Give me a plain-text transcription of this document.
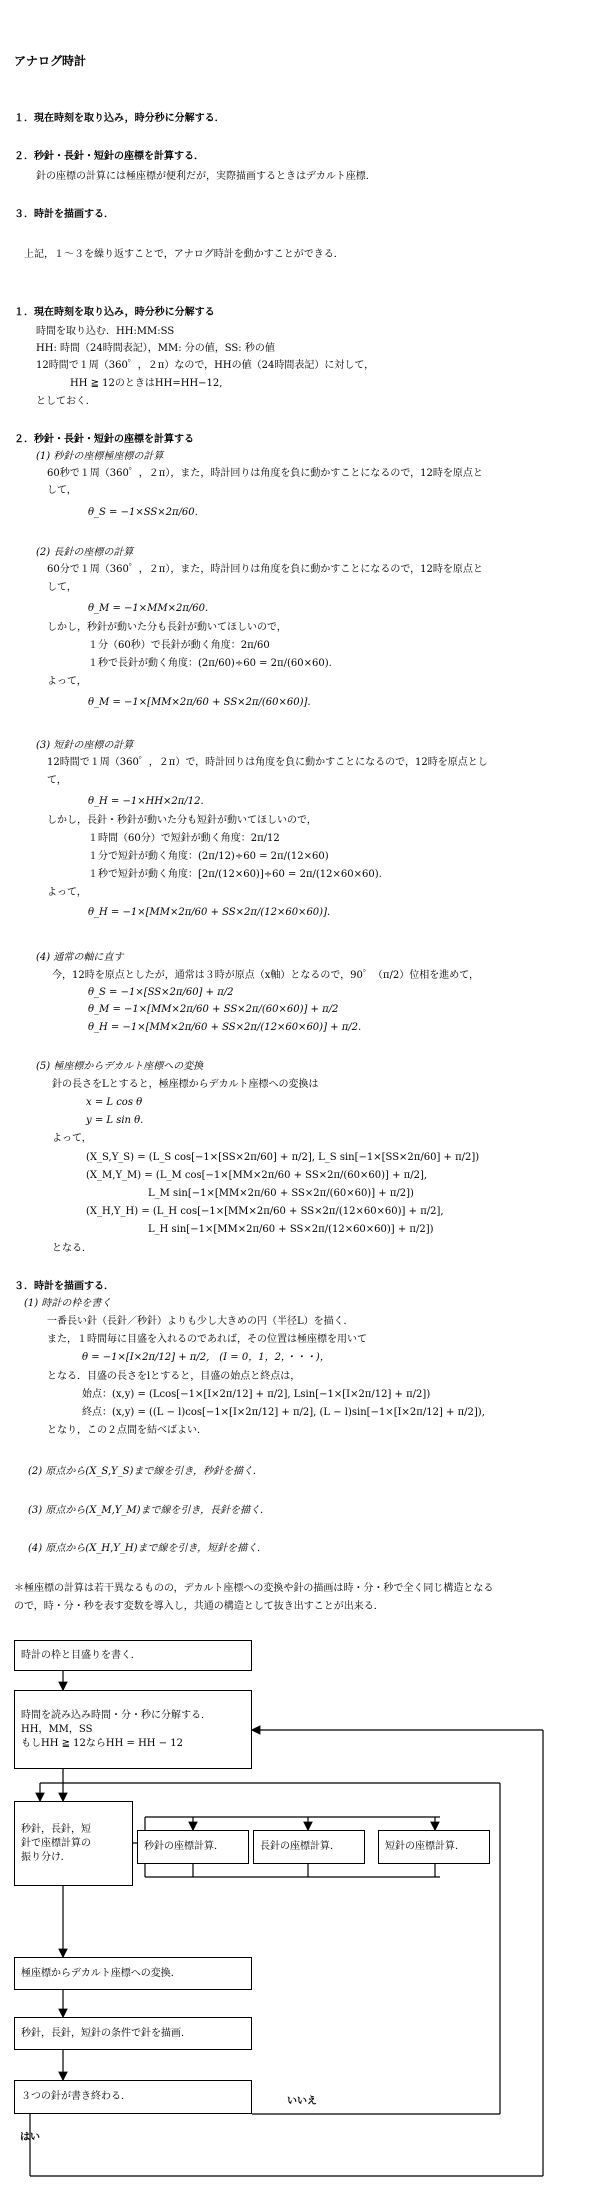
アナログ時計
１．現在時刻を取り込み，時分秒に分解する．
２．秒針・長針・短針の座標を計算する．
針の座標の計算には極座標が便利だが，実際描画するときはデカルト座標．
３．時計を描画する．
上記，１～３を繰り返すことで，アナログ時計を動かすことができる．
１．現在時刻を取り込み，時分秒に分解する
時間を取り込む．HH:MM:SS
HH: 時間（24時間表記），MM: 分の値，SS: 秒の値
12時間で１周（360゜，２π）なので，HHの値（24時間表記）に対して，
HH ≧ 12のときはHH=HH−12,
としておく．
２．秒針・長針・短針の座標を計算する
(1) 秒針の座標極座標の計算
60秒で１周（360゜，２π），また，時計回りは角度を負に動かすことになるので，12時を原点と
して，
θ_S = −1×SS×2π/60.
(2) 長針の座標の計算
60分で１周（360゜，２π），また，時計回りは角度を負に動かすことになるので，12時を原点と
して，
θ_M = −1×MM×2π/60.
しかし，秒針が動いた分も長針が動いてほしいので，
１分（60秒）で長針が動く角度：2π/60
１秒で長針が動く角度：(2π/60)÷60 = 2π/(60×60).
よって，
θ_M = −1×[MM×2π/60 + SS×2π/(60×60)].
(3) 短針の座標の計算
12時間で１周（360゜，２π）で，時計回りは角度を負に動かすことになるので，12時を原点とし
て，
θ_H = −1×HH×2π/12.
しかし，長針・秒針が動いた分も短針が動いてほしいので，
１時間（60分）で短針が動く角度：2π/12
１分で短針が動く角度：(2π/12)÷60 = 2π/(12×60)
１秒で短針が動く角度：[2π/(12×60)]÷60 = 2π/(12×60×60).
よって，
θ_H = −1×[MM×2π/60 + SS×2π/(12×60×60)].
(4) 通常の軸に直す
今，12時を原点としたが，通常は３時が原点（x軸）となるので，90゜（π/2）位相を進めて，
θ_S = −1×[SS×2π/60] + π/2
θ_M = −1×[MM×2π/60 + SS×2π/(60×60)] + π/2
θ_H = −1×[MM×2π/60 + SS×2π/(12×60×60)] + π/2.
(5) 極座標からデカルト座標への変換
針の長さをLとすると，極座標からデカルト座標への変換は
x = L cos θ
y = L sin θ.
よって，
(X_S,Y_S) = (L_S cos[−1×[SS×2π/60] + π/2], L_S sin[−1×[SS×2π/60] + π/2])
(X_M,Y_M) = (L_M cos[−1×[MM×2π/60 + SS×2π/(60×60)] + π/2],
L_M sin[−1×[MM×2π/60 + SS×2π/(60×60)] + π/2])
(X_H,Y_H) = (L_H cos[−1×[MM×2π/60 + SS×2π/(12×60×60)] + π/2],
L_H sin[−1×[MM×2π/60 + SS×2π/(12×60×60)] + π/2])
となる．
３．時計を描画する．
(1) 時計の枠を書く
一番長い針（長針／秒針）よりも少し大きめの円（半径L）を描く．
また，１時間毎に目盛を入れるのであれば，その位置は極座標を用いて
θ = −1×[I×2π/12] + π/2,　(I = 0，1，2，・・・)，
となる．目盛の長さをlとすると，目盛の始点と終点は，
始点：(x,y) = (Lcos[−1×[I×2π/12] + π/2], Lsin[−1×[I×2π/12] + π/2])
終点：(x,y) = ((L − l)cos[−1×[I×2π/12] + π/2], (L − l)sin[−1×[I×2π/12] + π/2]),
となり，この２点間を結べばよい．
(2) 原点から(X_S,Y_S)まで線を引き，秒針を描く．
(3) 原点から(X_M,Y_M)まで線を引き，長針を描く．
(4) 原点から(X_H,Y_H)まで線を引き，短針を描く．
＊極座標の計算は若干異なるものの，デカルト座標への変換や針の描画は時・分・秒で全く同じ構造となる
ので，時・分・秒を表す変数を導入し，共通の構造として抜き出すことが出来る．
時計の枠と目盛りを書く．
時間を読み込み時間・分・秒に分解する．
HH，MM，SS
もしHH ≧ 12ならHH = HH − 12
秒針，長針，短
針で座標計算の
振り分け．
秒針の座標計算．	長針の座標計算．	短針の座標計算．
極座標からデカルト座標への変換．
秒針，長針，短針の条件で針を描画．
３つの針が書き終わる．	いいえ
はい
